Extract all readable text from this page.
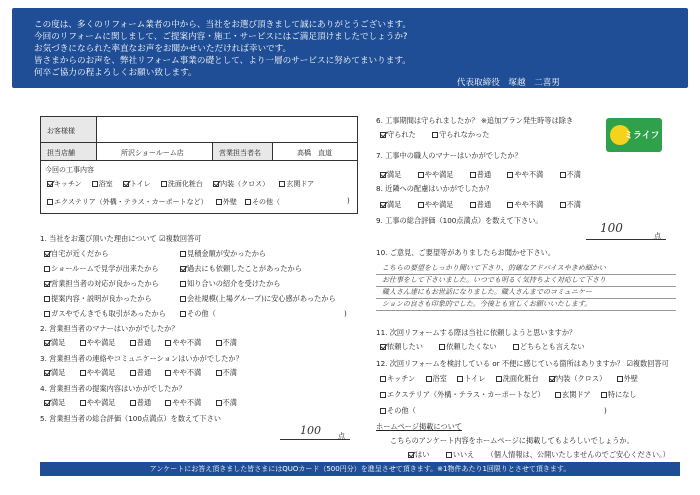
この度は、多くのリフォーム業者の中から、当社をお選び頂きまして誠にありがとうございます。
今回のリフォームに関しまして、ご提案内容・施工・サービスにはご満足頂けましたでしょうか?
お気づきになられた率直なお声をお聞かせいただければ幸いです。
皆さまからのお声を、弊社リフォーム事業の礎として、より一層のサービスに努めてまいります。
何卒ご協力の程よろしくお願い致します。
代表取締役　塚越　二喜男
お客様様
担当店舗	所沢ショールーム店	営業担当者名	高橋　直道
今回の工事内容
キッチン 浴室 トイレ 洗面化粧台 内装（クロス） 玄関ドア
エクステリア（外構・テラス・カーポートなど） 外壁 その他（	)
1. 当社をお選び頂いた理由について ☑複数回答可
自宅が近くだから	見積金額が安かったから
ショールームで見学が出来たから	過去にも依頼したことがあったから
営業担当者の対応が良かったから	知り合いの紹介を受けたから
提案内容・説明が良かったから	会社規模(上場グループ)に安心感があったから
ガスやでんきでも取引があったから	その他（	)
2. 営業担当者のマナーはいかがでしたか？
満足	やや満足	普通	やや不満	不満
3. 営業担当者の連絡やコミュニケーションはいかがでしたか？
満足	やや満足	普通	やや不満	不満
4. 営業担当者の提案内容はいかがでしたか？
満足	やや満足	普通	やや不満	不満
5. 営業担当者の総合評価（100点満点）を数えて下さい
100 点
ミライフ
6. 工事期間は守られましたか？ ※追加プラン発生時等は除き
守られた	守られなかった
7. 工事中の職人のマナーはいかがでしたか？
満足	やや満足	普通	やや不満	不満
8. 近隣への配慮はいかがでしたか？
満足	やや満足	普通	やや不満	不満
9. 工事の総合評価（100点満点）を数えて下さい。
100
点
10. ご意見、ご要望等がありましたらお聞かせ下さい。
こちらの要望をしっかり聞いて下さり、的確なアドバイスやきめ細かい
お仕事をして下さいました。いつでも明るく気持ちよく対応して下さり
職人さん達にもお世話になりました。職人さんまでのコミュニケー
ションの良さも印象的でした。今後とも宜しくお願いいたします。
11. 次回リフォームする際は当社に依頼しようと思いますか？
依頼したい	依頼したくない	どちらとも言えない
12. 次回リフォームを検討している or 不便に感じている箇所はありますか？ ☑複数回答可
キッチン 浴室 トイレ 洗面化粧台 内装（クロス） 外壁
エクステリア（外構・テラス・カーポートなど） 玄関ドア 特になし
その他（	)
ホームページ掲載について
こちらのアンケート内容をホームページに掲載してもよろしいでしょうか。
はい	いいえ （個人情報は、公開いたしませんのでご安心ください。）
アンケートにお答え頂きました皆さまにはQUOカード（500円分）を進呈させて頂きます。※1物件あたり1回限りとさせて頂きます。
